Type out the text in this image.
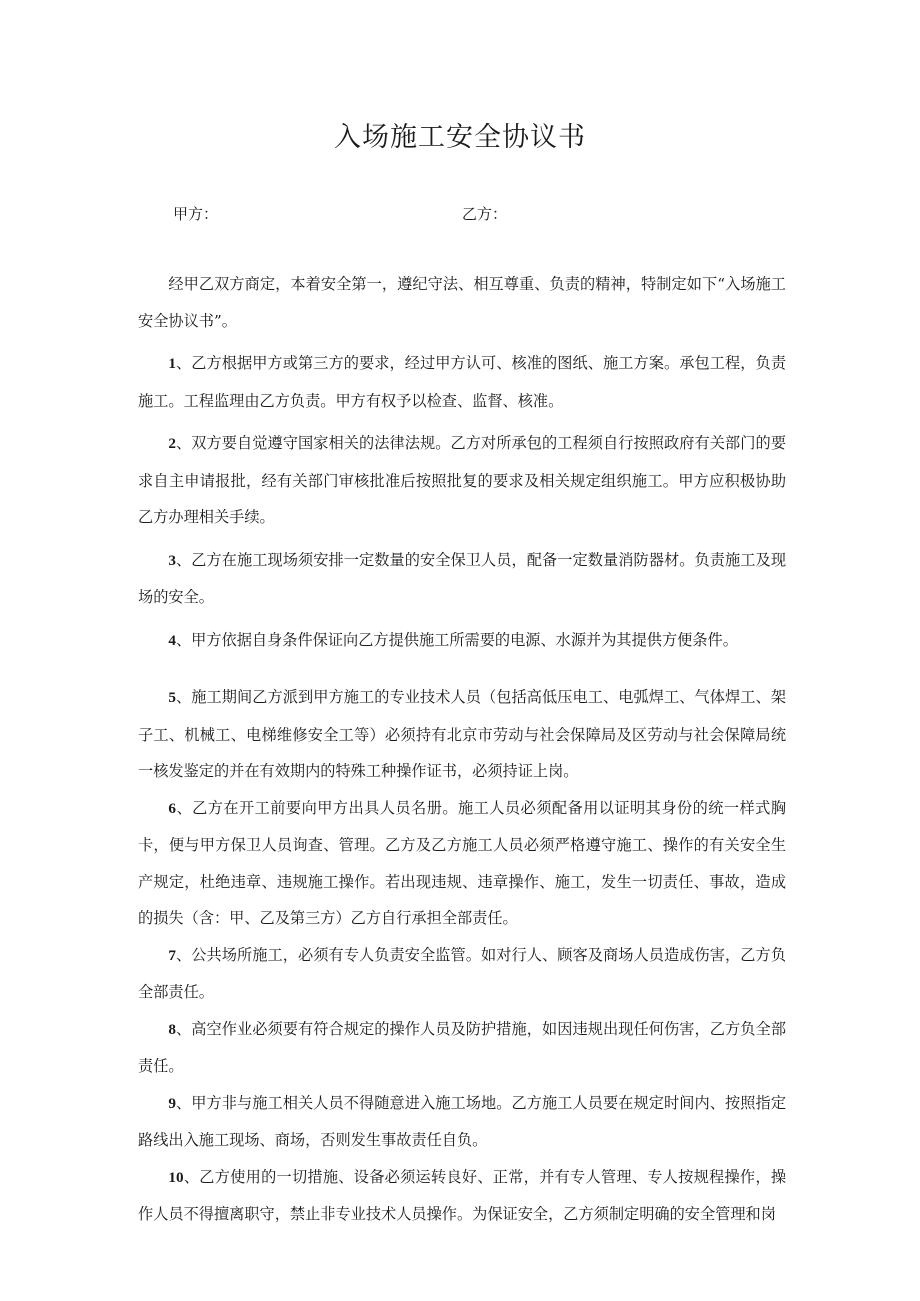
入场施工安全协议书
甲方：	乙方：

经甲乙双方商定，本着安全第一，遵纪守法、相互尊重、负责的精神，特制定如下“入场施工安全协议书”。

1、乙方根据甲方或第三方的要求，经过甲方认可、核准的图纸、施工方案。承包工程，负责施工。工程监理由乙方负责。甲方有权予以检查、监督、核准。

2、双方要自觉遵守国家相关的法律法规。乙方对所承包的工程须自行按照政府有关部门的要求自主申请报批，经有关部门审核批准后按照批复的要求及相关规定组织施工。甲方应积极协助乙方办理相关手续。

3、乙方在施工现场须安排一定数量的安全保卫人员，配备一定数量消防器材。负责施工及现场的安全。

4、甲方依据自身条件保证向乙方提供施工所需要的电源、水源并为其提供方便条件。

5、施工期间乙方派到甲方施工的专业技术人员（包括高低压电工、电弧焊工、气体焊工、架子工、机械工、电梯维修安全工等）必须持有北京市劳动与社会保障局及区劳动与社会保障局统一核发鉴定的并在有效期内的特殊工种操作证书，必须持证上岗。

6、乙方在开工前要向甲方出具人员名册。施工人员必须配备用以证明其身份的统一样式胸卡，便与甲方保卫人员询查、管理。乙方及乙方施工人员必须严格遵守施工、操作的有关安全生产规定，杜绝违章、违规施工操作。若出现违规、违章操作、施工，发生一切责任、事故，造成的损失（含：甲、乙及第三方）乙方自行承担全部责任。

7、公共场所施工，必须有专人负责安全监管。如对行人、顾客及商场人员造成伤害，乙方负全部责任。

8、高空作业必须要有符合规定的操作人员及防护措施，如因违规出现任何伤害，乙方负全部责任。

9、甲方非与施工相关人员不得随意进入施工场地。乙方施工人员要在规定时间内、按照指定路线出入施工现场、商场，否则发生事故责任自负。

10、乙方使用的一切措施、设备必须运转良好、正常，并有专人管理、专人按规程操作，操作人员不得擅离职守，禁止非专业技术人员操作。为保证安全，乙方须制定明确的安全管理和岗
